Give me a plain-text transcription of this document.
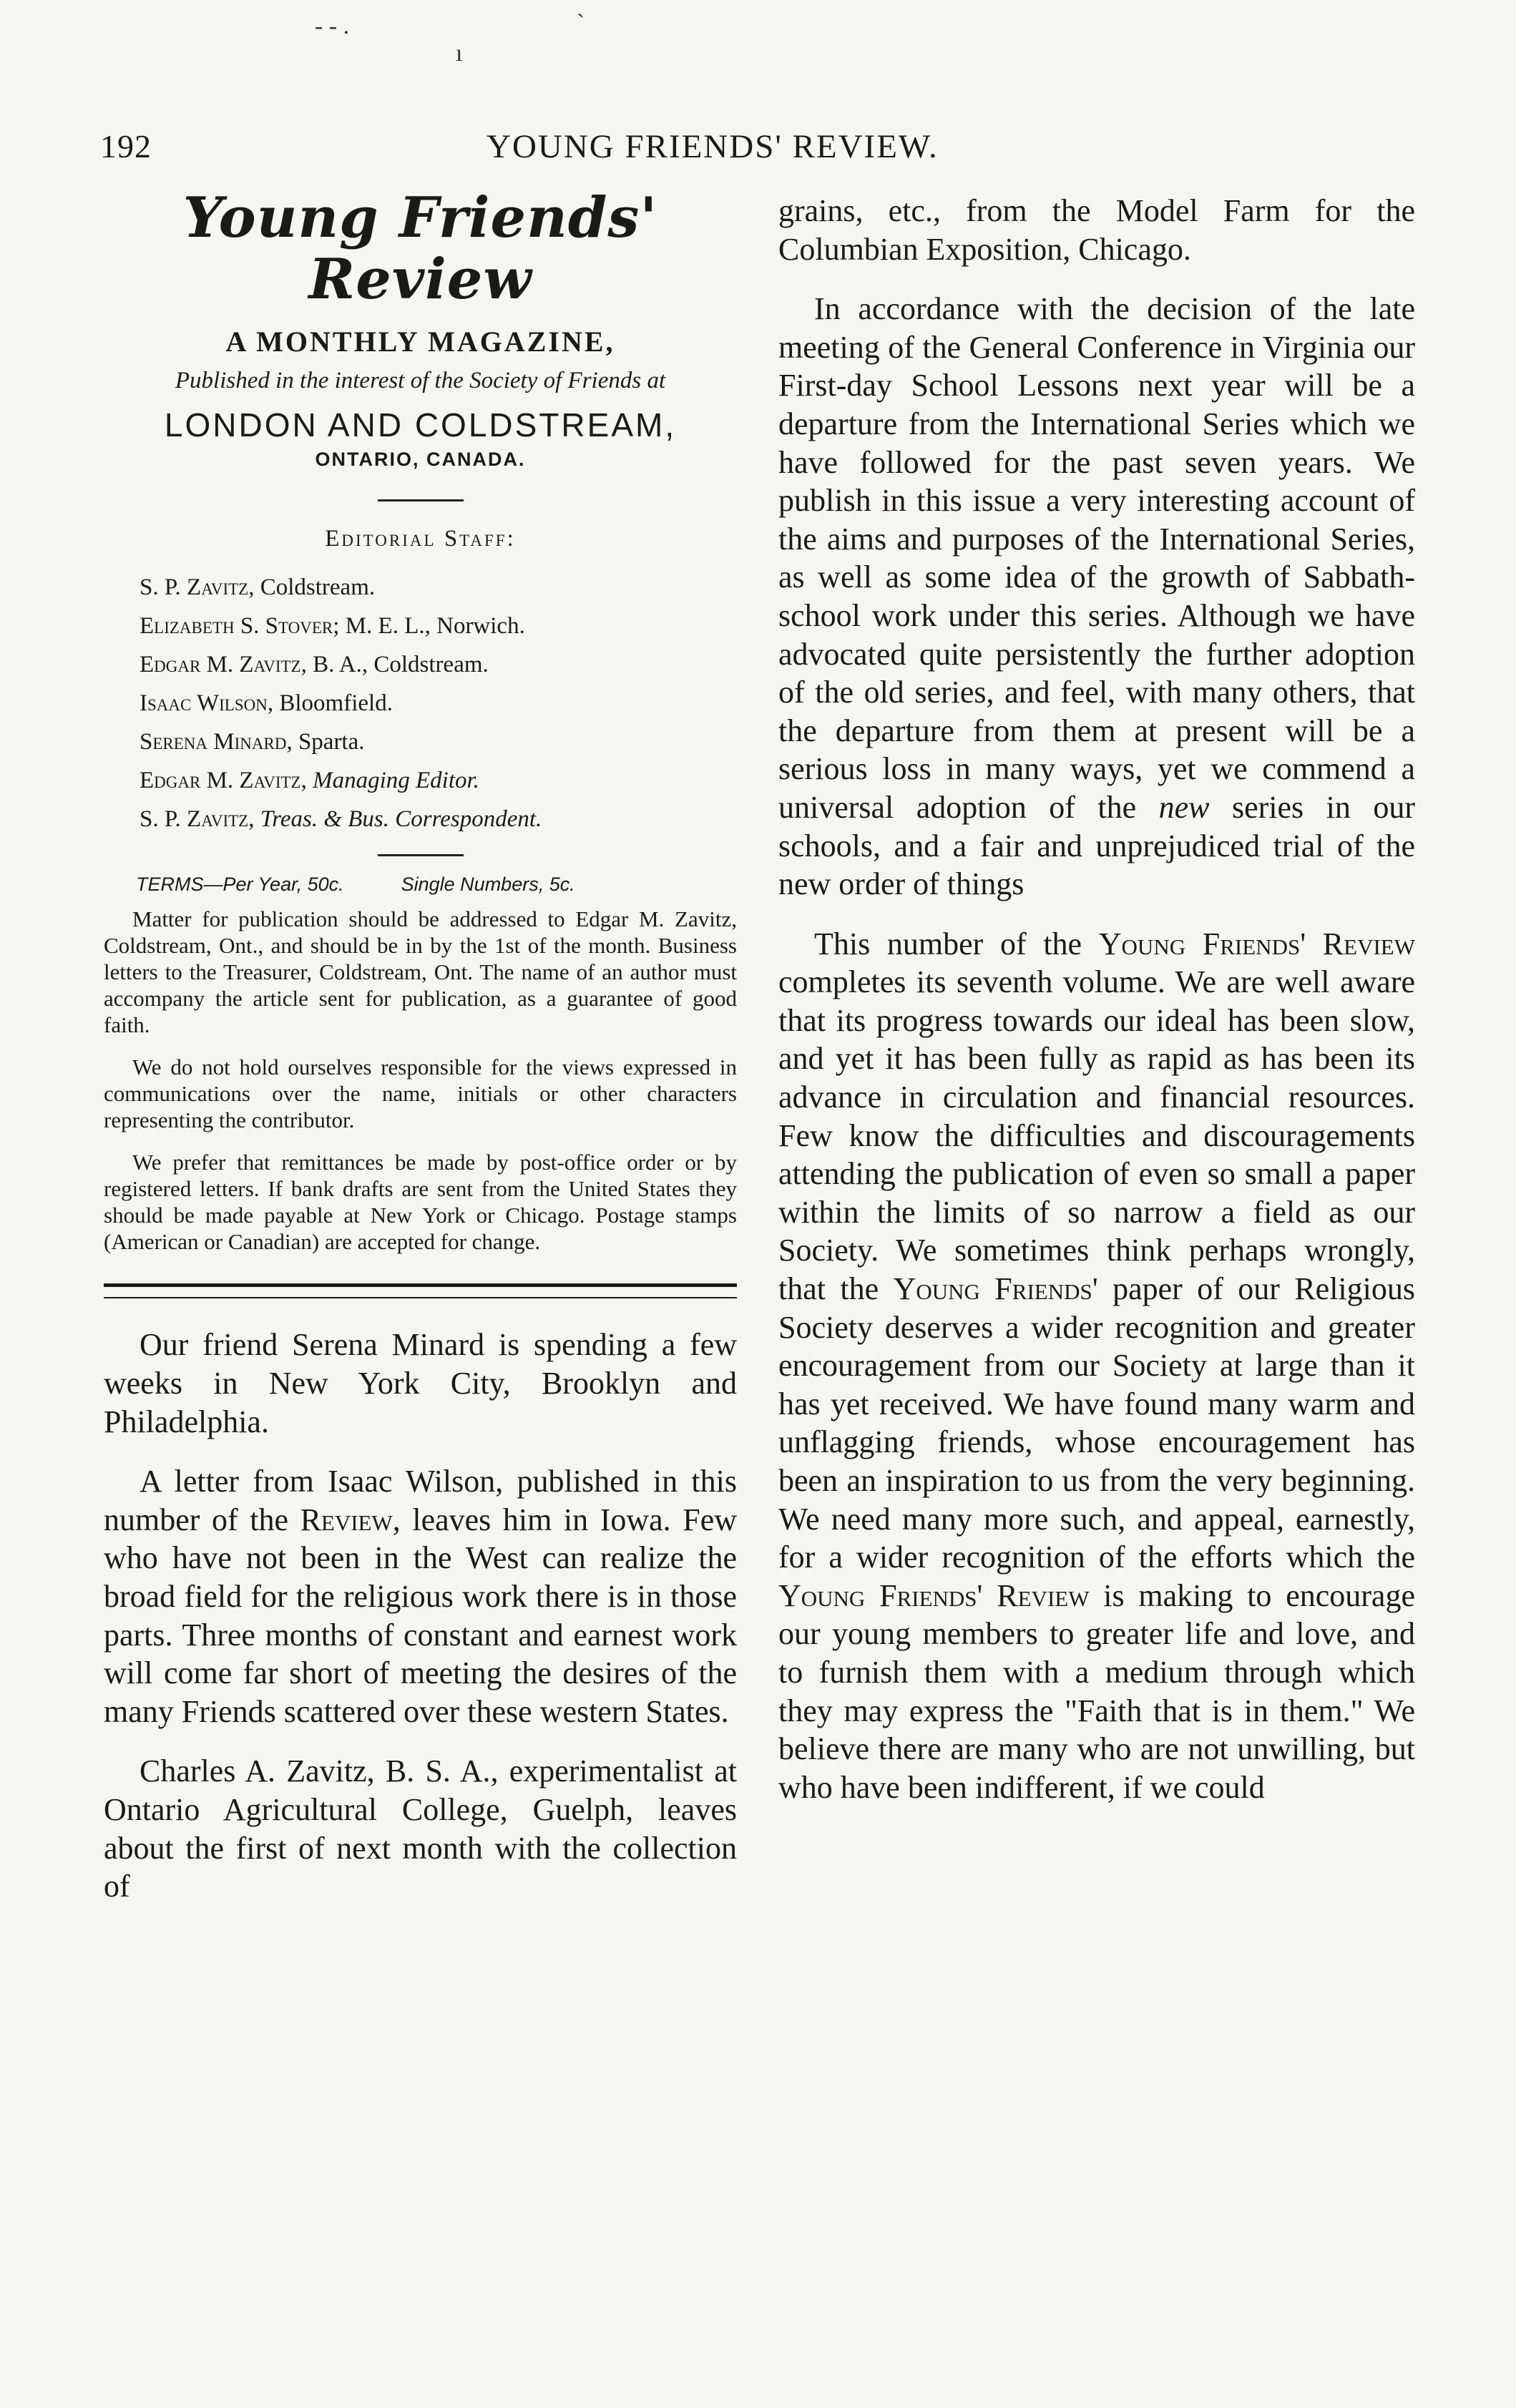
- - .	`
ı
192	YOUNG FRIENDS' REVIEW.
Young Friends' Review
A MONTHLY MAGAZINE,
Published in the interest of the Society of Friends at
LONDON AND COLDSTREAM,
ONTARIO, CANADA.
Editorial Staff:
S. P. Zavitz, Coldstream.
Elizabeth S. Stover; M. E. L., Norwich.
Edgar M. Zavitz, B. A., Coldstream.
Isaac Wilson, Bloomfield.
Serena Minard, Sparta.
Edgar M. Zavitz, Managing Editor.
S. P. Zavitz, Treas. & Bus. Correspondent.
TERMS—Per Year, 50c.	Single Numbers, 5c.

Matter for publication should be addressed to Edgar M. Zavitz, Coldstream, Ont., and should be in by the 1st of the month. Business letters to the Treasurer, Coldstream, Ont. The name of an author must accompany the article sent for publication, as a guarantee of good faith.

We do not hold ourselves responsible for the views expressed in communications over the name, initials or other characters representing the contributor.

We prefer that remittances be made by post-office order or by registered letters. If bank drafts are sent from the United States they should be made payable at New York or Chicago. Postage stamps (American or Canadian) are accepted for change.

Our friend Serena Minard is spending a few weeks in New York City, Brooklyn and Philadelphia.

A letter from Isaac Wilson, published in this number of the Review, leaves him in Iowa. Few who have not been in the West can realize the broad field for the religious work there is in those parts. Three months of constant and earnest work will come far short of meeting the desires of the many Friends scattered over these western States.

Charles A. Zavitz, B. S. A., experimentalist at Ontario Agricultural College, Guelph, leaves about the first of next month with the collection of

grains, etc., from the Model Farm for the Columbian Exposition, Chicago.

In accordance with the decision of the late meeting of the General Conference in Virginia our First-day School Lessons next year will be a departure from the International Series which we have followed for the past seven years. We publish in this issue a very interesting account of the aims and purposes of the International Series, as well as some idea of the growth of Sabbath-school work under this series. Although we have advocated quite persistently the further adoption of the old series, and feel, with many others, that the departure from them at present will be a serious loss in many ways, yet we commend a universal adoption of the new series in our schools, and a fair and unprejudiced trial of the new order of things

This number of the Young Friends' Review completes its seventh volume. We are well aware that its progress towards our ideal has been slow, and yet it has been fully as rapid as has been its advance in circulation and financial resources. Few know the difficulties and discouragements attending the publication of even so small a paper within the limits of so narrow a field as our Society. We sometimes think perhaps wrongly, that the Young Friends' paper of our Religious Society deserves a wider recognition and greater encouragement from our Society at large than it has yet received. We have found many warm and unflagging friends, whose encouragement has been an inspiration to us from the very beginning. We need many more such, and appeal, earnestly, for a wider recognition of the efforts which the Young Friends' Review is making to encourage our young members to greater life and love, and to furnish them with a medium through which they may express the "Faith that is in them." We believe there are many who are not unwilling, but who have been indifferent, if we could
